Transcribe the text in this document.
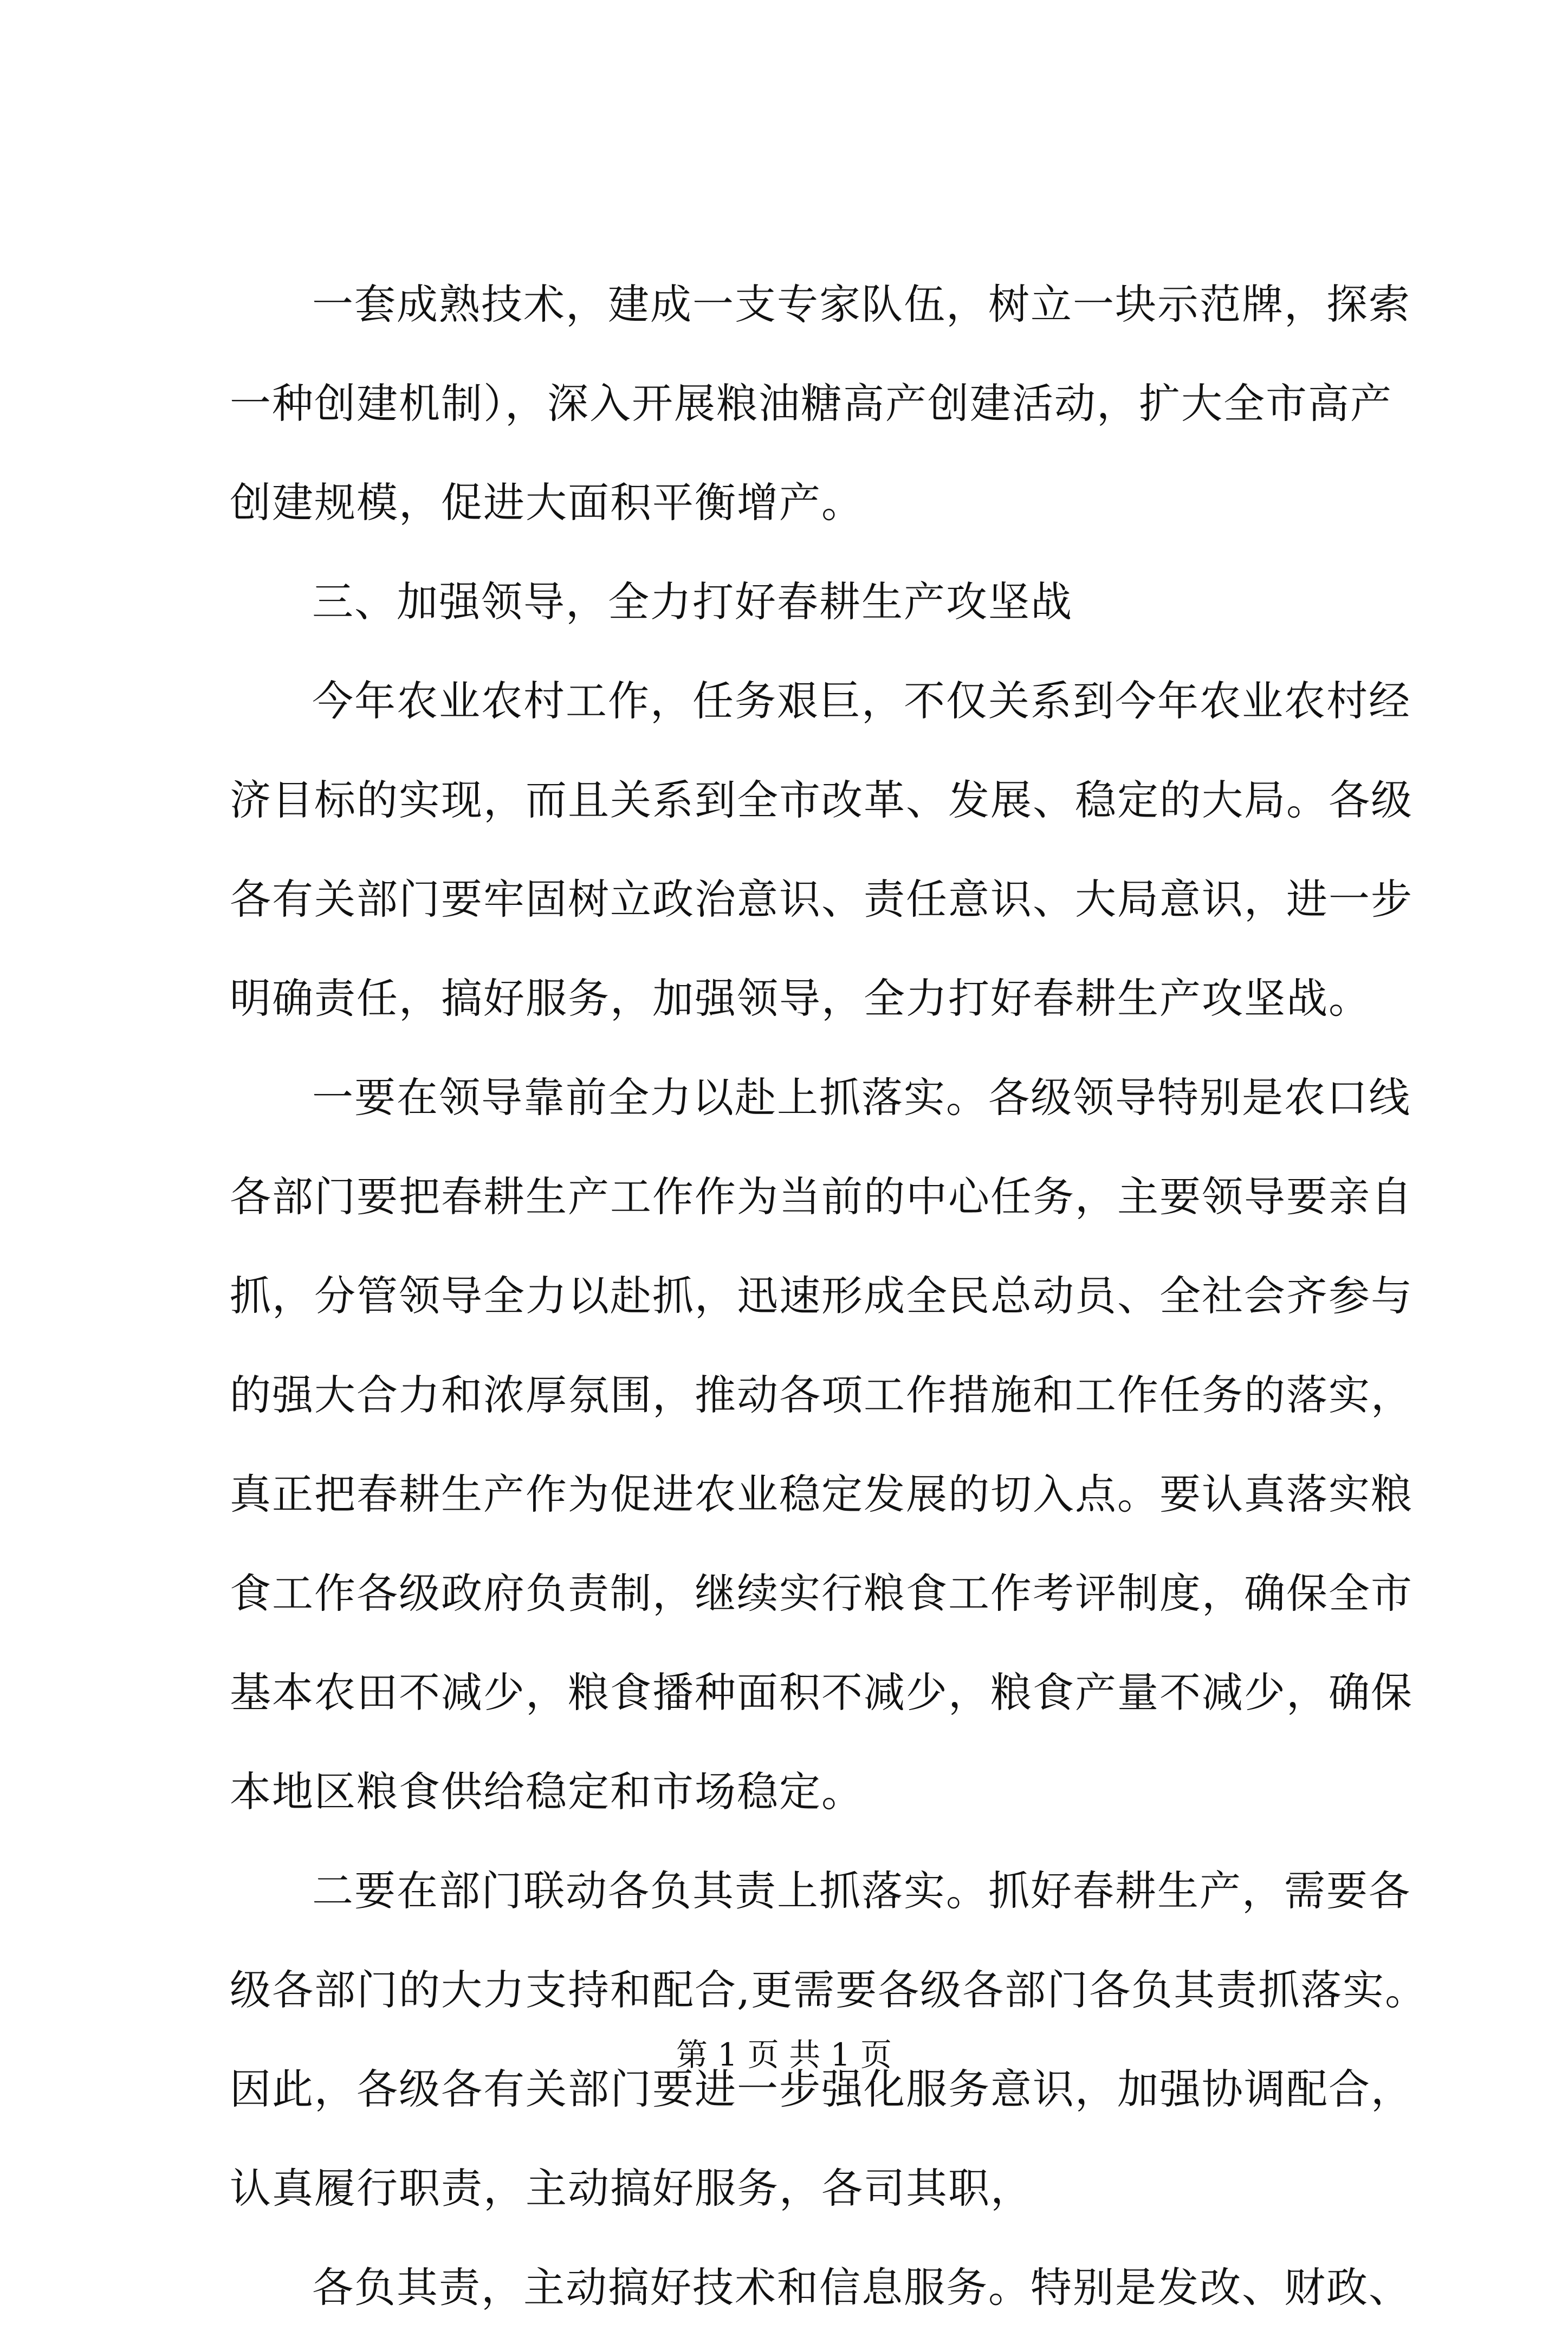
一套成熟技术，建成一支专家队伍，树立一块示范牌，探索
一种创建机制），深入开展粮油糖高产创建活动，扩大全市高产
创建规模，促进大面积平衡增产。
三、加强领导，全力打好春耕生产攻坚战
今年农业农村工作，任务艰巨，不仅关系到今年农业农村经
济目标的实现，而且关系到全市改革、发展、稳定的大局。各级
各有关部门要牢固树立政治意识、责任意识、大局意识，进一步
明确责任，搞好服务，加强领导，全力打好春耕生产攻坚战。
一要在领导靠前全力以赴上抓落实。各级领导特别是农口线
各部门要把春耕生产工作作为当前的中心任务，主要领导要亲自
抓，分管领导全力以赴抓，迅速形成全民总动员、全社会齐参与
的强大合力和浓厚氛围，推动各项工作措施和工作任务的落实，
真正把春耕生产作为促进农业稳定发展的切入点。要认真落实粮
食工作各级政府负责制，继续实行粮食工作考评制度，确保全市
基本农田不减少，粮食播种面积不减少，粮食产量不减少，确保
本地区粮食供给稳定和市场稳定。
二要在部门联动各负其责上抓落实。抓好春耕生产，需要各
级各部门的大力支持和配合,更需要各级各部门各负其责抓落实。
因此，各级各有关部门要进一步强化服务意识，加强协调配合，
认真履行职责，主动搞好服务，各司其职，
各负其责，主动搞好技术和信息服务。特别是发改、财政、
第 1 页 共 1 页
